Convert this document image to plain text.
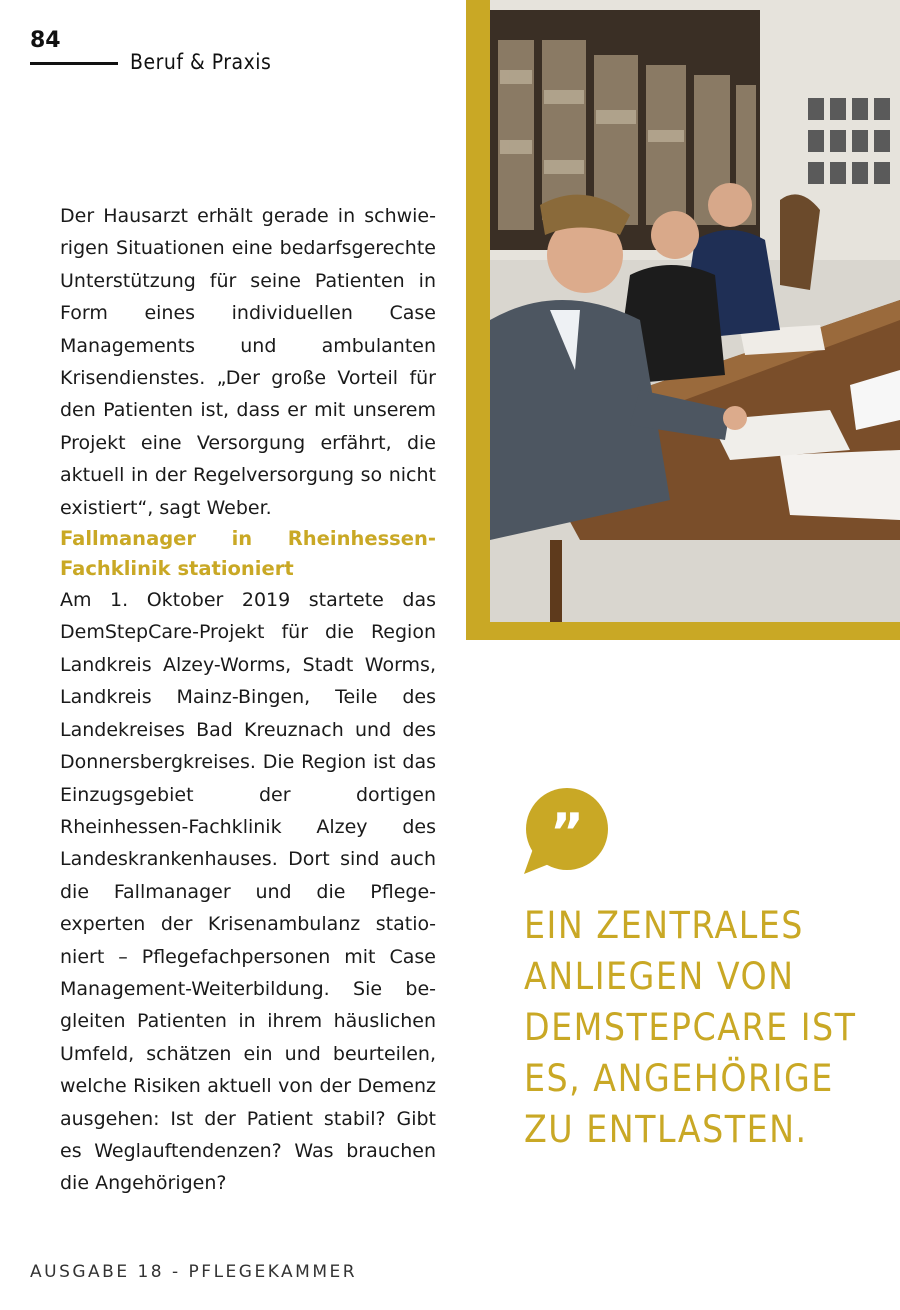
84
Beruf & Praxis

Der Hausarzt erhält gerade in schwierigen Situationen eine bedarfsgerechte Unterstützung für seine Patienten in Form eines individuellen Case Managements und ambulanten Krisendienstes. „Der große Vorteil für den Patienten ist, dass er mit unserem Projekt eine Versorgung erfährt, die aktuell in der Regelversorgung so nicht existiert“, sagt Weber.

Fallmanager in Rheinhessen-Fachklinik stationiert

Am 1. Oktober 2019 startete das DemStepCare-Projekt für die Region Landkreis Alzey-Worms, Stadt Worms, Landkreis Mainz-Bingen, Teile des Landekreises Bad Kreuznach und des Donnersbergkreises. Die Region ist das Einzugsgebiet der dortigen Rheinhessen-Fachklinik Alzey des Landeskrankenhauses. Dort sind auch die Fallmanager und die Pflegeexperten der Krisenambulanz stationiert – Pflegefachpersonen mit Case Management-Weiterbildung. Sie begleiten Patienten in ihrem häuslichen Umfeld, schätzen ein und beurteilen, welche Risiken aktuell von der Demenz ausgehen: Ist der Patient stabil? Gibt es Weglauftendenzen? Was brauchen die Angehörigen?

”
EIN ZENTRALES
ANLIEGEN VON
DEMSTEPCARE IST
ES, ANGEHÖRIGE
ZU ENTLASTEN.
AUSGABE 18 - PFLEGEKAMMER
